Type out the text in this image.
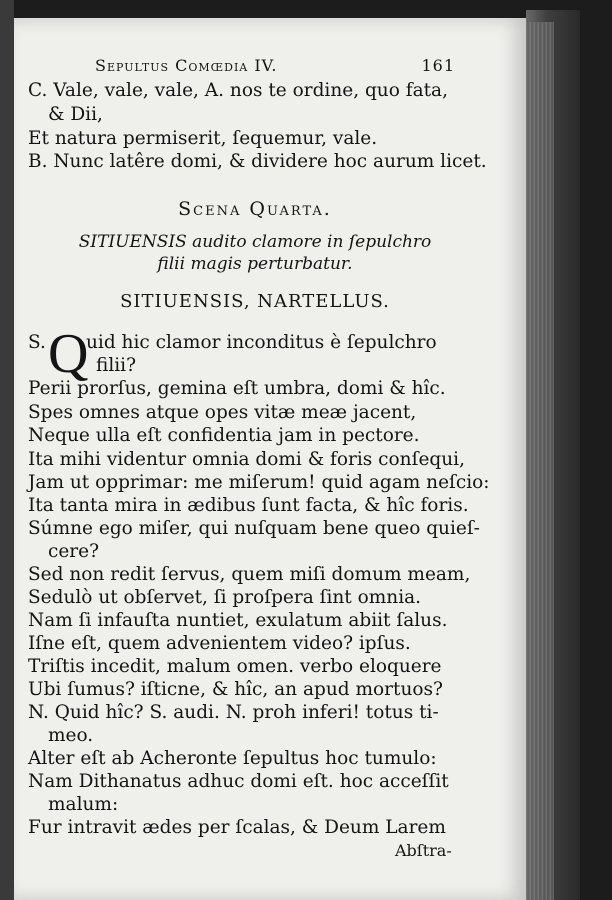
Sepultus Comœdia IV.	161
C. Vale, vale, vale, A. nos te ordine, quo fata,
& Dii,
Et natura permiserit, ſequemur, vale.
B. Nunc latêre domi, & dividere hoc aurum licet.
Scena Quarta.
SITIUENSIS audito clamore in ſepulchro
filii magis perturbatur.
SITIUENSIS, NARTELLUS.
S. Q
uid hic clamor inconditus è ſepulchro
filii?
Perii prorſus, gemina eſt umbra, domi & hîc.
Spes omnes atque opes vitæ meæ jacent,
Neque ulla eſt confidentia jam in pectore.
Ita mihi videntur omnia domi & foris conſequi,
Jam ut opprimar: me miſerum! quid agam neſcio:
Ita tanta mira in ædibus ſunt facta, & hîc foris.
Súmne ego miſer, qui nuſquam bene queo quieſ-
cere?
Sed non redit ſervus, quem miſi domum meam,
Sedulò ut obſervet, ſi proſpera ſint omnia.
Nam ſi infauſta nuntiet, exulatum abiit ſalus.
Iſne eſt, quem advenientem video? ipſus.
Triſtis incedit, malum omen. verbo eloquere
Ubi ſumus? iſticne, & hîc, an apud mortuos?
N. Quid hîc? S. audi. N. proh inferi! totus ti-
meo.
Alter eſt ab Acheronte ſepultus hoc tumulo:
Nam Dithanatus adhuc domi eſt. hoc acceſſit
malum:
Fur intravit ædes per ſcalas, & Deum Larem
Abſtra-
